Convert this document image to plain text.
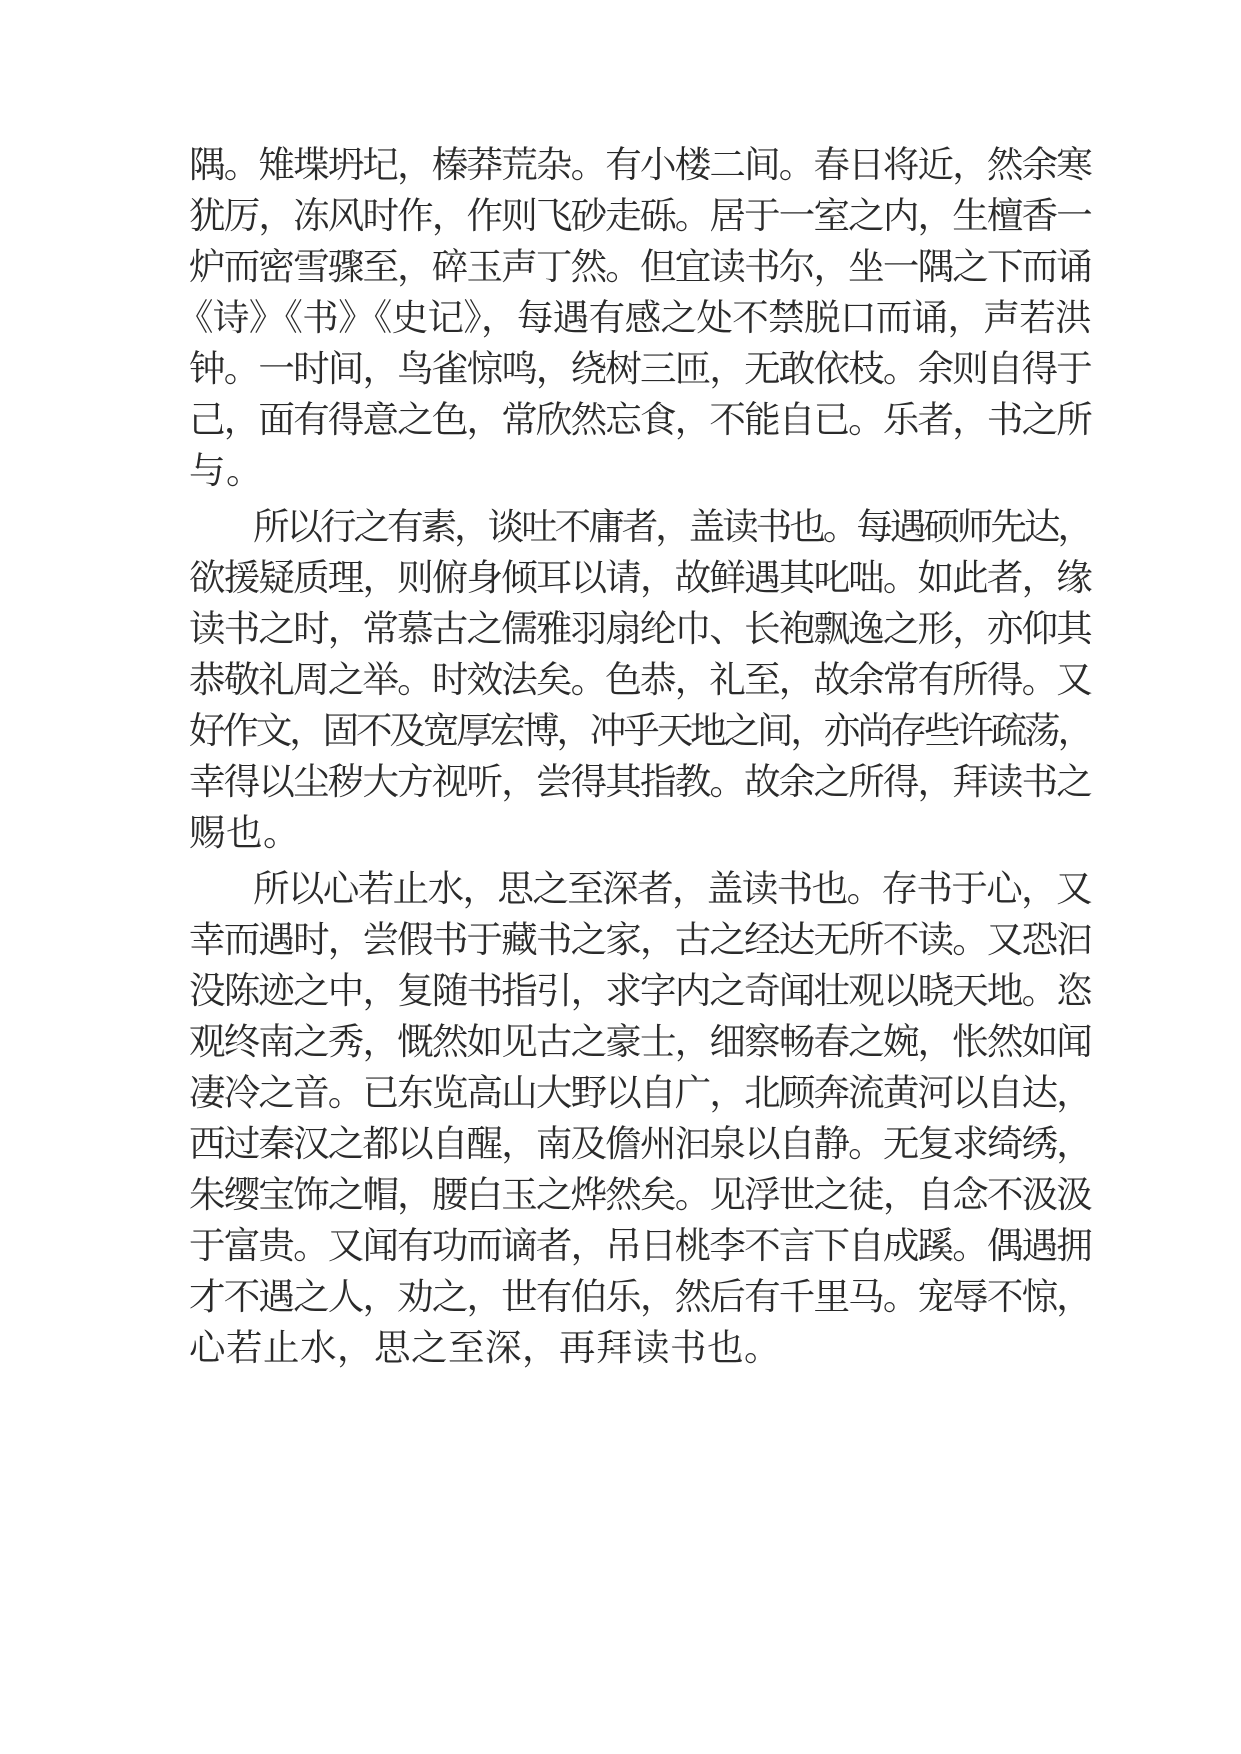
隅。雉堞坍圮，榛莽荒杂。有小楼二间。春日将近，然余寒
犹厉，冻风时作，作则飞砂走砾。居于一室之内，生檀香一
炉而密雪骤至，碎玉声丁然。但宜读书尔，坐一隅之下而诵
《诗》《书》《史记》，每遇有感之处不禁脱口而诵，声若洪
钟。一时间，鸟雀惊鸣，绕树三匝，无敢依枝。余则自得于
己，面有得意之色，常欣然忘食，不能自已。乐者，书之所
与。
所以行之有素，谈吐不庸者，盖读书也。每遇硕师先达，
欲援疑质理，则俯身倾耳以请，故鲜遇其叱咄。如此者，缘
读书之时，常慕古之儒雅羽扇纶巾、长袍飘逸之形，亦仰其
恭敬礼周之举。时效法矣。色恭，礼至，故余常有所得。又
好作文，固不及宽厚宏博，冲乎天地之间，亦尚存些许疏荡，
幸得以尘秽大方视听，尝得其指教。故余之所得，拜读书之
赐也。
所以心若止水，思之至深者，盖读书也。存书于心，又
幸而遇时，尝假书于藏书之家，古之经达无所不读。又恐汩
没陈迹之中，复随书指引，求字内之奇闻壮观以晓天地。恣
观终南之秀，慨然如见古之豪士，细察畅春之婉，怅然如闻
凄冷之音。已东览高山大野以自广，北顾奔流黄河以自达，
西过秦汉之都以自醒，南及儋州汩泉以自静。无复求绮绣，
朱缨宝饰之帽，腰白玉之烨然矣。见浮世之徒，自念不汲汲
于富贵。又闻有功而谪者，吊日桃李不言下自成蹊。偶遇拥
才不遇之人，劝之，世有伯乐，然后有千里马。宠辱不惊，
心若止水，思之至深，再拜读书也。
